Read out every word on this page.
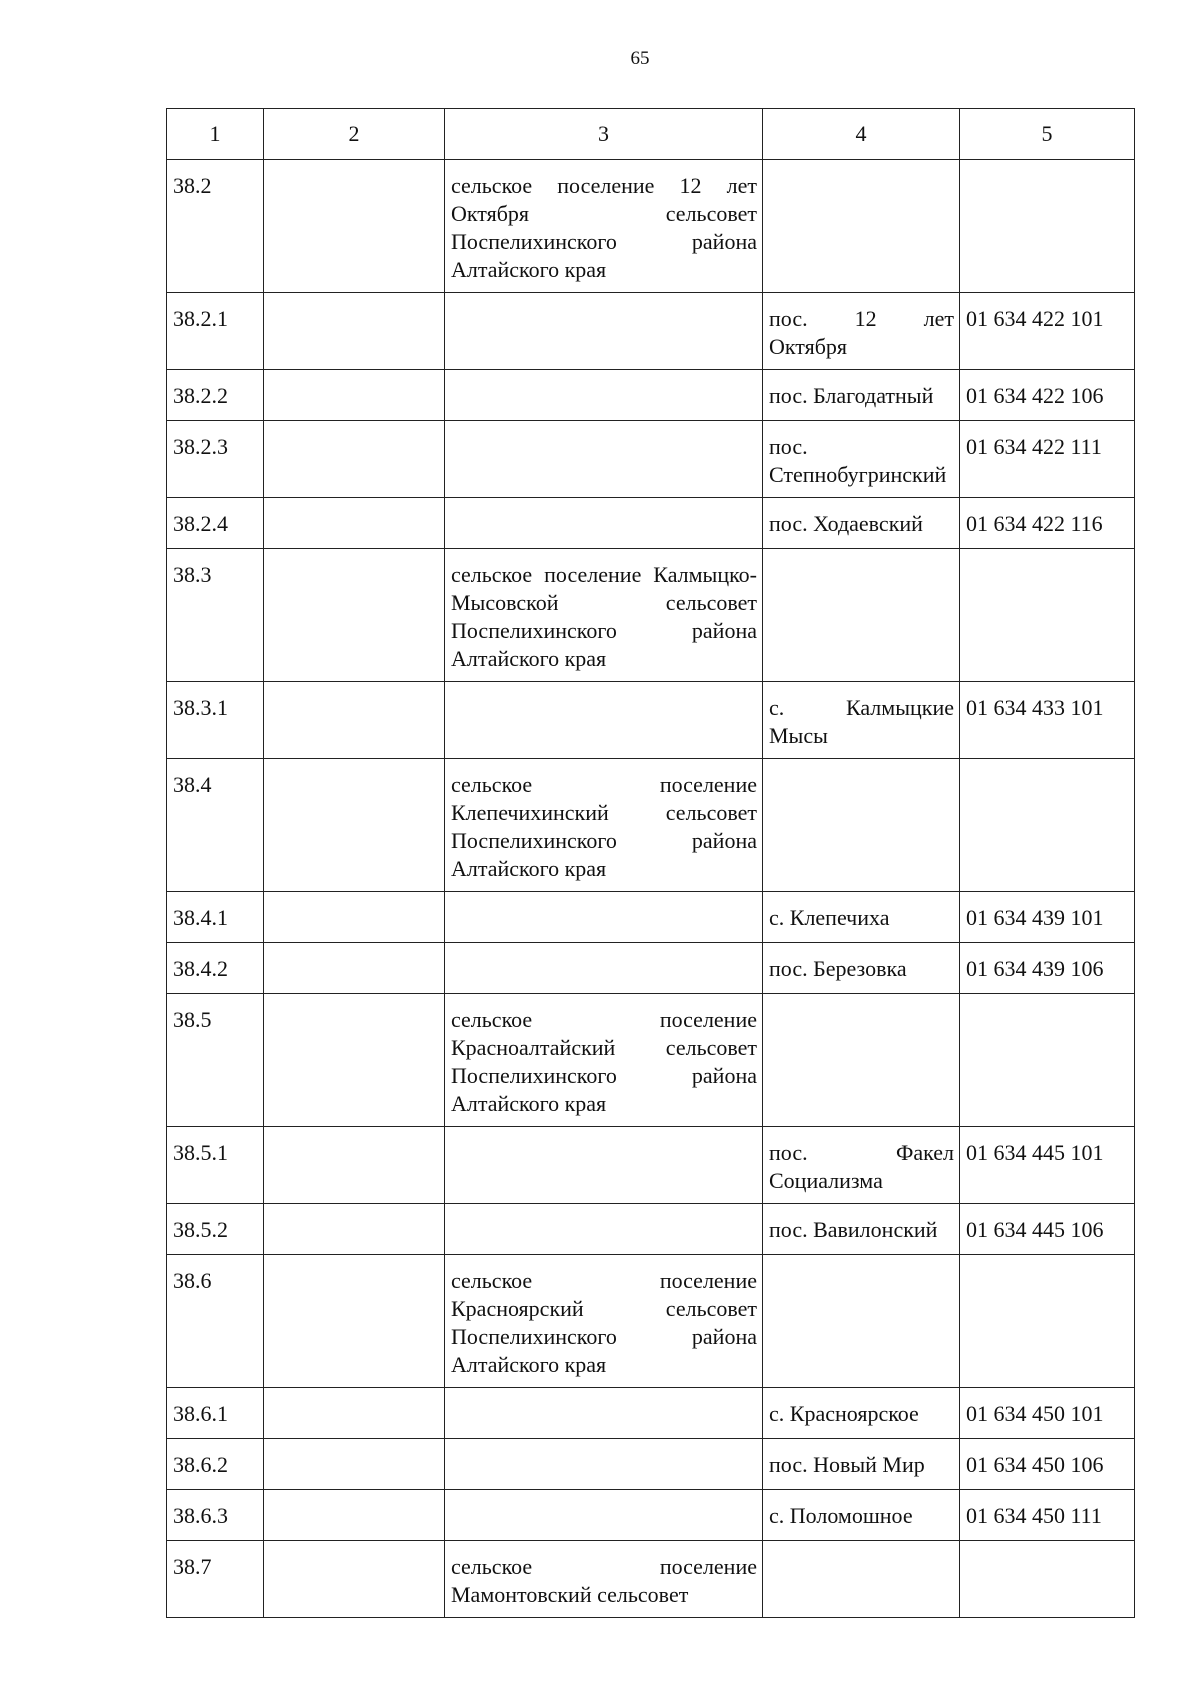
65
1	2	3	4	5
38.2		сельское поселение 12 лет Октября сельсовет Поспелихинского района Алтайского края		
38.2.1			пос. 12 лет Октября	01 634 422 101
38.2.2			пос. Благодатный	01 634 422 106
38.2.3			пос. Степнобугринский	01 634 422 111
38.2.4			пос. Ходаевский	01 634 422 116
38.3		сельское поселение Калмыцко-Мысовской сельсовет Поспелихинского района Алтайского края		
38.3.1			с. Калмыцкие Мысы	01 634 433 101
38.4		сельское поселение Клепечихинский сельсовет Поспелихинского района Алтайского края		
38.4.1			с. Клепечиха	01 634 439 101
38.4.2			пос. Березовка	01 634 439 106
38.5		сельское поселение Красноалтайский сельсовет Поспелихинского района Алтайского края		
38.5.1			пос. Факел Социализма	01 634 445 101
38.5.2			пос. Вавилонский	01 634 445 106
38.6		сельское поселение Красноярский сельсовет Поспелихинского района Алтайского края		
38.6.1			с. Красноярское	01 634 450 101
38.6.2			пос. Новый Мир	01 634 450 106
38.6.3			с. Поломошное	01 634 450 111
38.7		сельское поселение Мамонтовский сельсовет		
